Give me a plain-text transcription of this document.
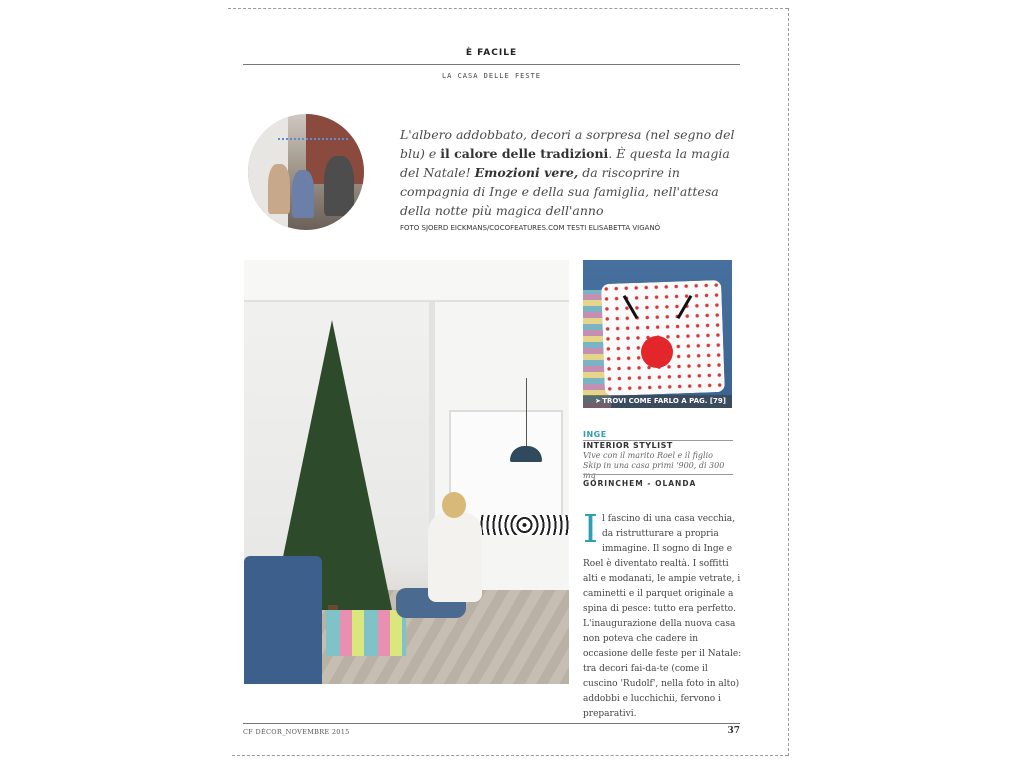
È FACILE
LA CASA DELLE FESTE
L'albero addobbato, decori a sorpresa (nel segno del blu) e il calore delle tradizioni. È questa la magia del Natale! Emozioni vere, da riscoprire in compagnia di Inge e della sua famiglia, nell'attesa della notte più magica dell'anno
FOTO SJOERD EICKMANS/COCOFEATURES.COM TESTI ELISABETTA VIGANÒ
➤ TROVI COME FARLO A PAG. [79]
INGE
INTERIOR STYLIST
Vive con il marito Roel e il figlio Skip in una casa primi '900, di 300 mq
GORINCHEM - OLANDA
I l fascino di una casa vecchia, da ristrutturare a propria immagine. Il sogno di Inge e Roel è diventato realtà. I soffitti alti e modanati, le ampie vetrate, i caminetti e il parquet originale a spina di pesce: tutto era perfetto. L'inaugurazione della nuova casa non poteva che cadere in occasione delle feste per il Natale: tra decori fai-da-te (come il cuscino 'Rudolf', nella foto in alto) addobbi e lucchichii, fervono i preparativi.
CF DÉCOR_NOVEMBRE 2015	37
